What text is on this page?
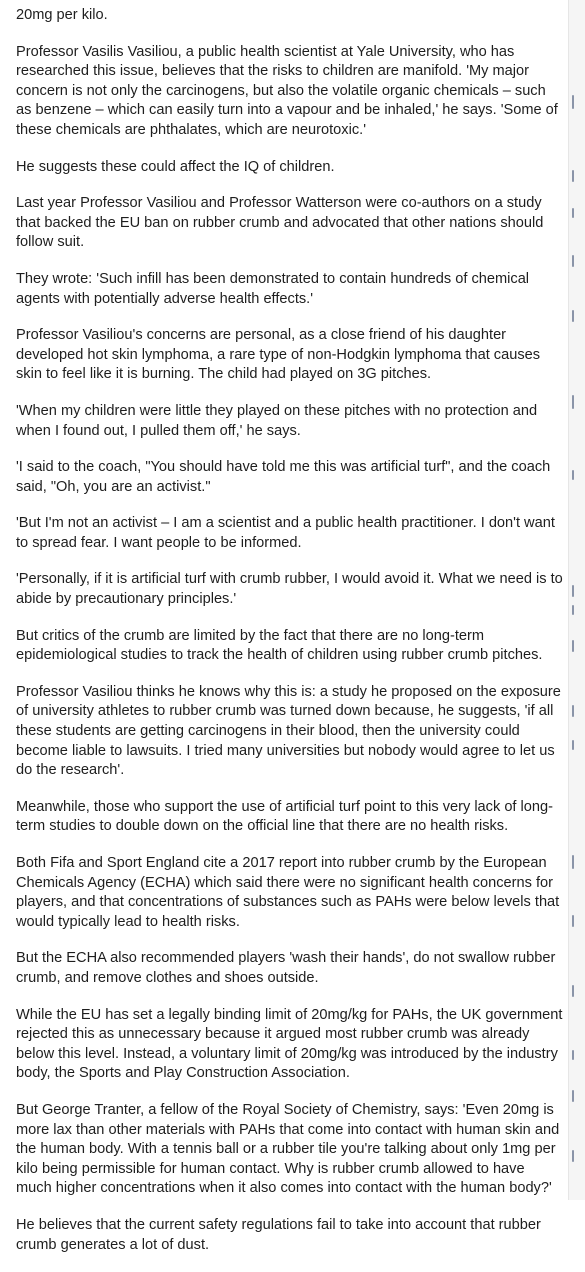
20mg per kilo.

Professor Vasilis Vasiliou, a public health scientist at Yale University, who has researched this issue, believes that the risks to children are manifold. 'My major concern is not only the carcinogens, but also the volatile organic chemicals – such as benzene – which can easily turn into a vapour and be inhaled,' he says. 'Some of these chemicals are phthalates, which are neurotoxic.'

He suggests these could affect the IQ of children.

Last year Professor Vasiliou and Professor Watterson were co-authors on a study that backed the EU ban on rubber crumb and advocated that other nations should follow suit.

They wrote: 'Such infill has been demonstrated to contain hundreds of chemical agents with potentially adverse health effects.'

Professor Vasiliou's concerns are personal, as a close friend of his daughter developed hot skin lymphoma, a rare type of non-Hodgkin lymphoma that causes skin to feel like it is burning. The child had played on 3G pitches.

'When my children were little they played on these pitches with no protection and when I found out, I pulled them off,' he says.

'I said to the coach, "You should have told me this was artificial turf", and the coach said, "Oh, you are an activist."

'But I'm not an activist – I am a scientist and a public health practitioner. I don't want to spread fear. I want people to be informed.

'Personally, if it is artificial turf with crumb rubber, I would avoid it. What we need is to abide by precautionary principles.'

But critics of the crumb are limited by the fact that there are no long-term epidemiological studies to track the health of children using rubber crumb pitches.

Professor Vasiliou thinks he knows why this is: a study he proposed on the exposure of university athletes to rubber crumb was turned down because, he suggests, 'if all these students are getting carcinogens in their blood, then the university could become liable to lawsuits. I tried many universities but nobody would agree to let us do the research'.

Meanwhile, those who support the use of artificial turf point to this very lack of long-term studies to double down on the official line that there are no health risks.

Both Fifa and Sport England cite a 2017 report into rubber crumb by the European Chemicals Agency (ECHA) which said there were no significant health concerns for players, and that concentrations of substances such as PAHs were below levels that would typically lead to health risks.

But the ECHA also recommended players 'wash their hands', do not swallow rubber crumb, and remove clothes and shoes outside.

While the EU has set a legally binding limit of 20mg/kg for PAHs, the UK government rejected this as unnecessary because it argued most rubber crumb was already below this level. Instead, a voluntary limit of 20mg/kg was introduced by the industry body, the Sports and Play Construction Association.

But George Tranter, a fellow of the Royal Society of Chemistry, says: 'Even 20mg is more lax than other materials with PAHs that come into contact with human skin and the human body. With a tennis ball or a rubber tile you're talking about only 1mg per kilo being permissible for human contact. Why is rubber crumb allowed to have much higher concentrations when it also comes into contact with the human body?'

He believes that the current safety regulations fail to take into account that rubber crumb generates a lot of dust.
